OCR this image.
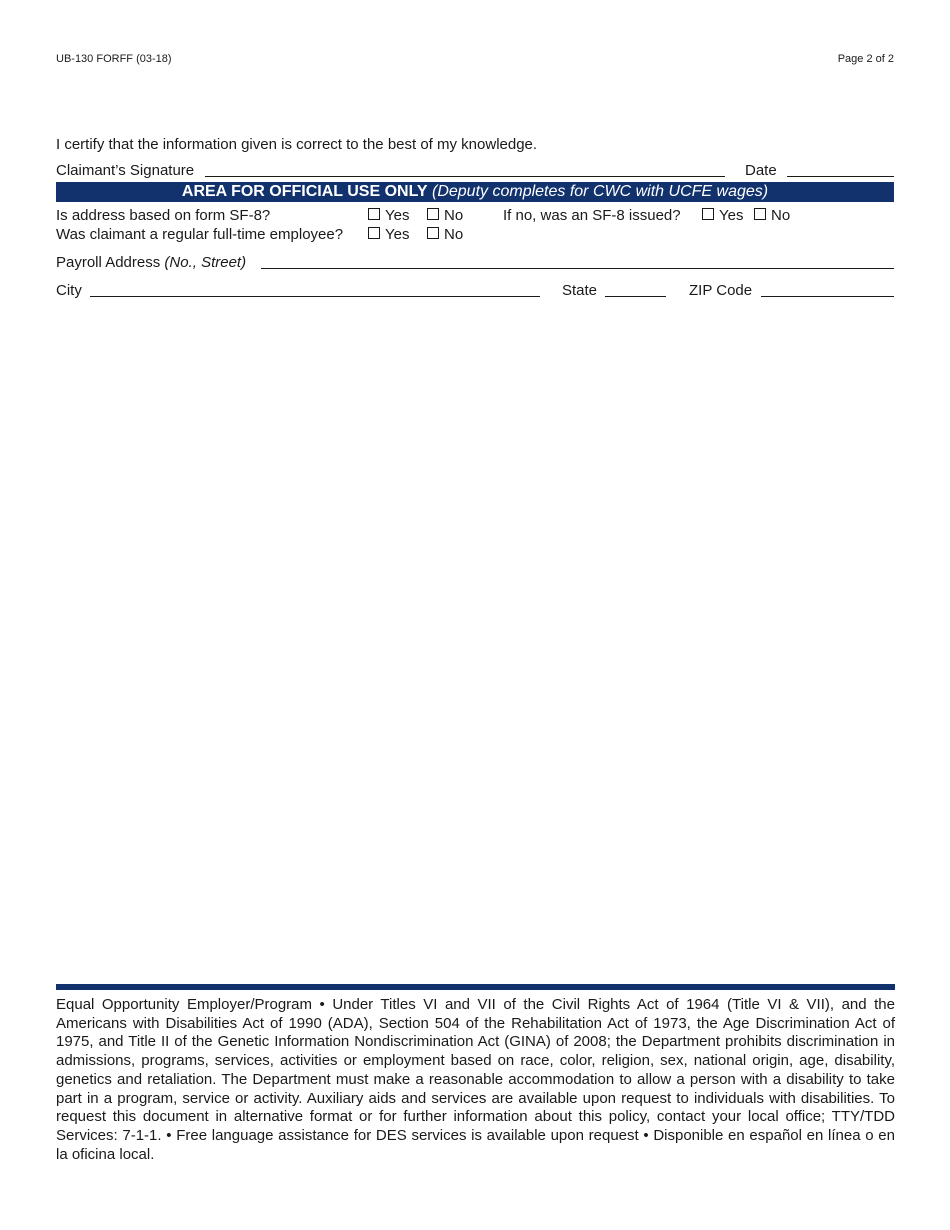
UB-130 FORFF (03-18)	Page 2 of 2
I certify that the information given is correct to the best of my knowledge.
Claimant’s Signature	Date
AREA FOR OFFICIAL USE ONLY (Deputy completes for CWC with UCFE wages)
Is address based on form SF-8?	Yes No	If no, was an SF-8 issued?	Yes No
Was claimant a regular full-time employee?	Yes No
Payroll Address (No., Street)
City	State	ZIP Code
Equal Opportunity Employer/Program • Under Titles VI and VII of the Civil Rights Act of 1964 (Title VI & VII), and the Americans with Disabilities Act of 1990 (ADA), Section 504 of the Rehabilitation Act of 1973, the Age Discrimination Act of 1975, and Title II of the Genetic Information Nondiscrimination Act (GINA) of 2008; the Department prohibits discrimination in admissions, programs, services, activities or employment based on race, color, religion, sex, national origin, age, disability, genetics and retaliation. The Department must make a reasonable accommodation to allow a person with a disability to take part in a program, service or activity. Auxiliary aids and services are available upon request to individuals with disabilities. To request this document in alternative format or for further information about this policy, contact your local office; TTY/TDD Services: 7-1-1. • Free language assistance for DES services is available upon request • Disponible en español en línea o en la oficina local.
